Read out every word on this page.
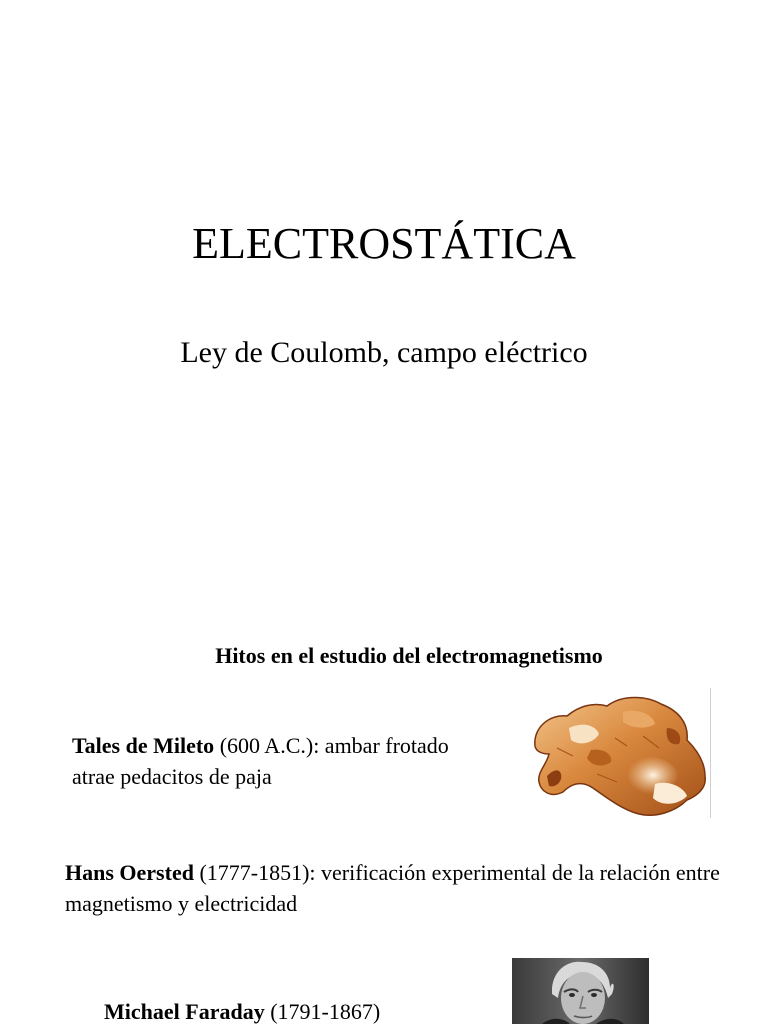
ELECTROSTÁTICA
Ley de Coulomb, campo eléctrico
Hitos en el estudio del electromagnetismo
Tales de Mileto (600 A.C.): ambar frotado atrae pedacitos de paja
Hans Oersted (1777-1851): verificación experimental de la relación entre magnetismo y electricidad
Michael Faraday (1791-1867)
